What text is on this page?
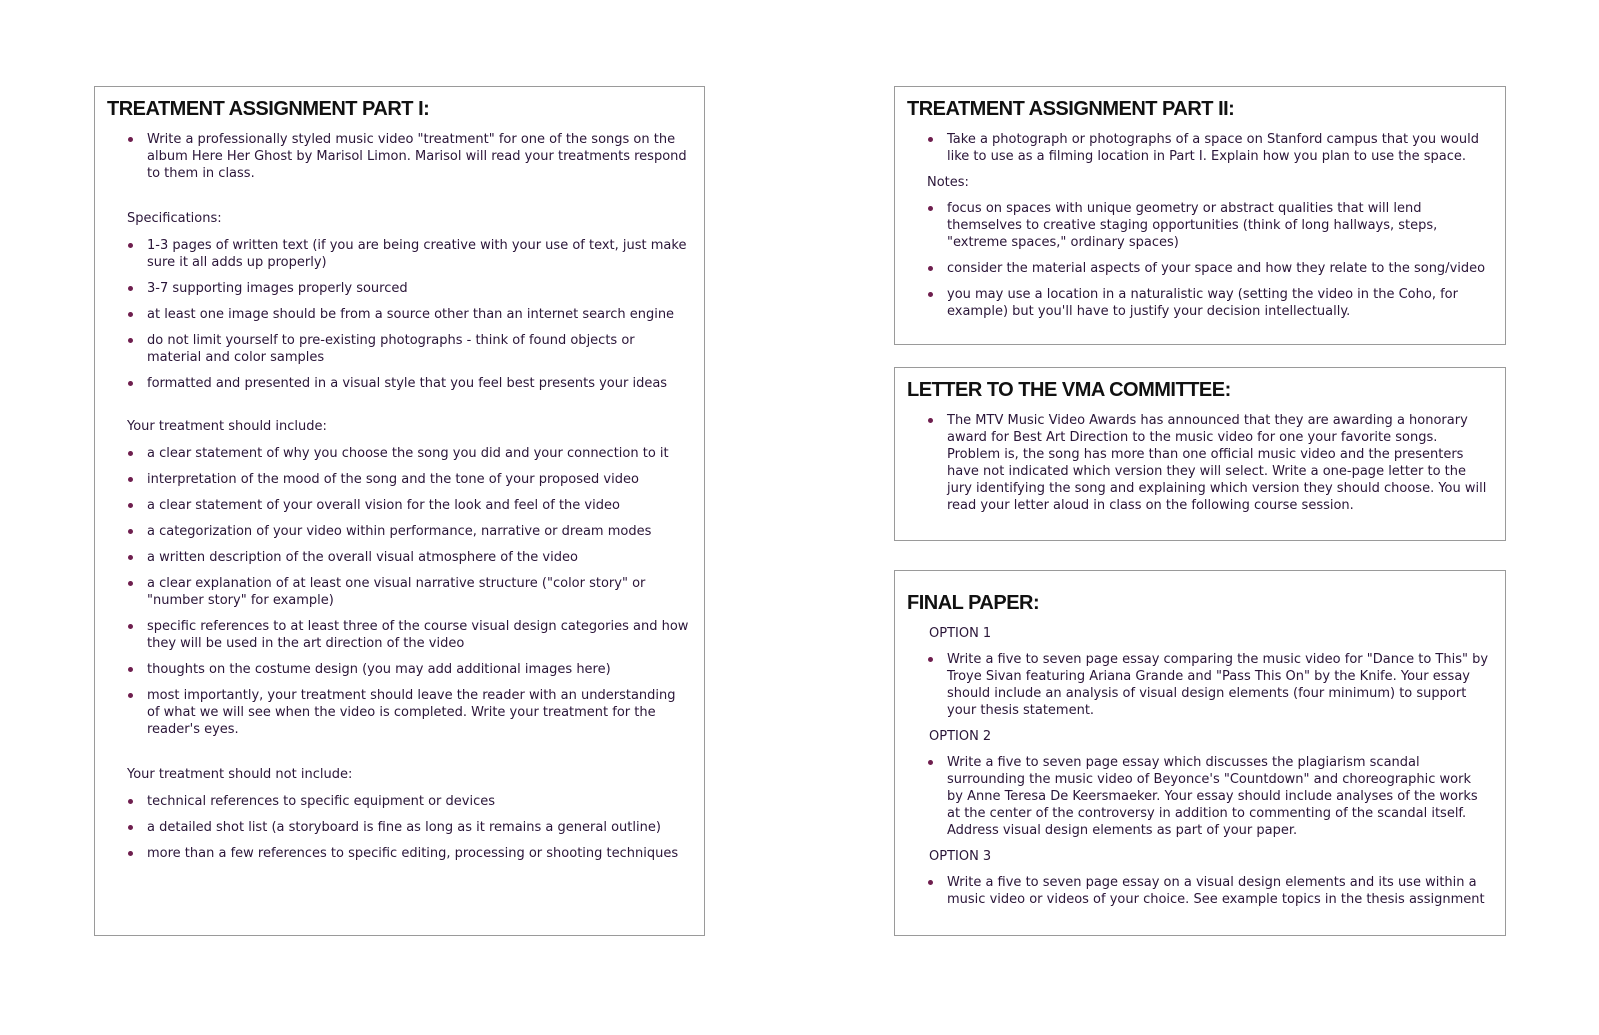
TREATMENT ASSIGNMENT PART I:
Write a professionally styled music video "treatment" for one of the songs on the album Here Her Ghost by Marisol Limon. Marisol will read your treatments respond to them in class.
Specifications:
1-3 pages of written text (if you are being creative with your use of text, just make sure it all adds up properly)
3-7 supporting images properly sourced
at least one image should be from a source other than an internet search engine
do not limit yourself to pre-existing photographs - think of found objects or material and color samples
formatted and presented in a visual style that you feel best presents your ideas
Your treatment should include:
a clear statement of why you choose the song you did and your connection to it
interpretation of the mood of the song and the tone of your proposed video
a clear statement of your overall vision for the look and feel of the video
a categorization of your video within performance, narrative or dream modes
a written description of the overall visual atmosphere of the video
a clear explanation of at least one visual narrative structure ("color story" or "number story" for example)
specific references to at least three of the course visual design categories and how they will be used in the art direction of the video
thoughts on the costume design (you may add additional images here)
most importantly, your treatment should leave the reader with an understanding of what we will see when the video is completed. Write your treatment for the reader's eyes.
Your treatment should not include:
technical references to specific equipment or devices
a detailed shot list (a storyboard is fine as long as it remains a general outline)
more than a few references to specific editing, processing or shooting techniques
TREATMENT ASSIGNMENT PART II:
Take a photograph or photographs of a space on Stanford campus that you would like to use as a filming location in Part I. Explain how you plan to use the space.
Notes:
focus on spaces with unique geometry or abstract qualities that will lend themselves to creative staging opportunities (think of long hallways, steps, "extreme spaces," ordinary spaces)
consider the material aspects of your space and how they relate to the song/video
you may use a location in a naturalistic way (setting the video in the Coho, for example) but you'll have to justify your decision intellectually.
LETTER TO THE VMA COMMITTEE:
The MTV Music Video Awards has announced that they are awarding a honorary award for Best Art Direction to the music video for one your favorite songs. Problem is, the song has more than one official music video and the presenters have not indicated which version they will select. Write a one-page letter to the jury identifying the song and explaining which version they should choose. You will read your letter aloud in class on the following course session.
FINAL PAPER:
OPTION 1
Write a five to seven page essay comparing the music video for "Dance to This" by Troye Sivan featuring Ariana Grande and "Pass This On" by the Knife. Your essay should include an analysis of visual design elements (four minimum) to support your thesis statement.
OPTION 2
Write a five to seven page essay which discusses the plagiarism scandal surrounding the music video of Beyonce's "Countdown" and choreographic work by Anne Teresa De Keersmaeker. Your essay should include analyses of the works at the center of the controversy in addition to commenting of the scandal itself. Address visual design elements as part of your paper.
OPTION 3
Write a five to seven page essay on a visual design elements and its use within a music video or videos of your choice. See example topics in the thesis assignment
